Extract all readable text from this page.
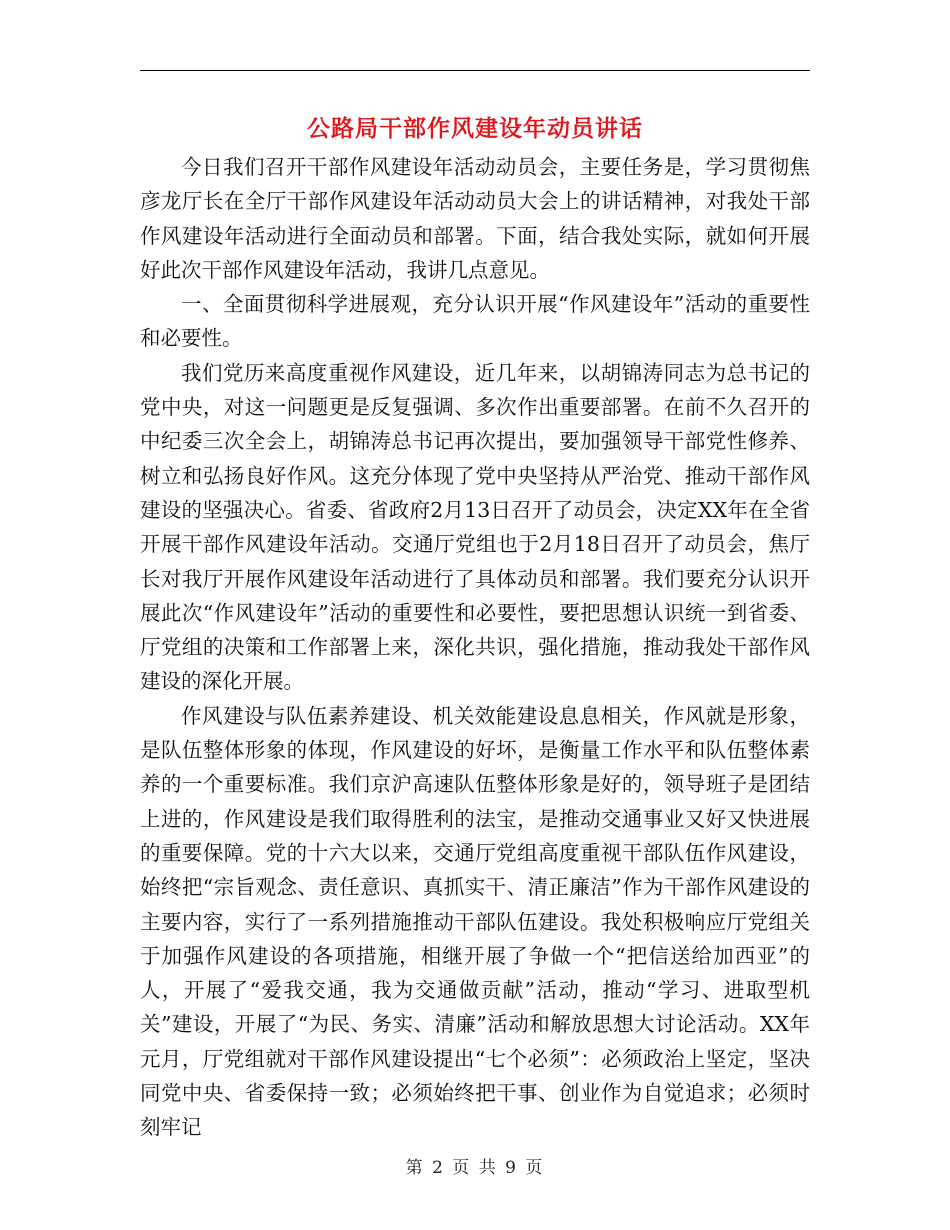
公路局干部作风建设年动员讲话

今日我们召开干部作风建设年活动动员会，主要任务是，学习贯彻焦彦龙厅长在全厅干部作风建设年活动动员大会上的讲话精神，对我处干部作风建设年活动进行全面动员和部署。下面，结合我处实际，就如何开展好此次干部作风建设年活动，我讲几点意见。

一、全面贯彻科学进展观，充分认识开展“作风建设年”活动的重要性和必要性。

我们党历来高度重视作风建设，近几年来，以胡锦涛同志为总书记的党中央，对这一问题更是反复强调、多次作出重要部署。在前不久召开的中纪委三次全会上，胡锦涛总书记再次提出，要加强领导干部党性修养、树立和弘扬良好作风。这充分体现了党中央坚持从严治党、推动干部作风建设的坚强决心。省委、省政府2月13日召开了动员会，决定XX年在全省开展干部作风建设年活动。交通厅党组也于2月18日召开了动员会，焦厅长对我厅开展作风建设年活动进行了具体动员和部署。我们要充分认识开展此次“作风建设年”活动的重要性和必要性，要把思想认识统一到省委、厅党组的决策和工作部署上来，深化共识，强化措施，推动我处干部作风建设的深化开展。

作风建设与队伍素养建设、机关效能建设息息相关，作风就是形象，是队伍整体形象的体现，作风建设的好坏，是衡量工作水平和队伍整体素养的一个重要标准。我们京沪高速队伍整体形象是好的，领导班子是团结上进的，作风建设是我们取得胜利的法宝，是推动交通事业又好又快进展的重要保障。党的十六大以来，交通厅党组高度重视干部队伍作风建设，始终把“宗旨观念、责任意识、真抓实干、清正廉洁”作为干部作风建设的主要内容，实行了一系列措施推动干部队伍建设。我处积极响应厅党组关于加强作风建设的各项措施，相继开展了争做一个“把信送给加西亚”的人，开展了“爱我交通，我为交通做贡献”活动，推动“学习、进取型机关”建设，开展了“为民、务实、清廉”活动和解放思想大讨论活动。XX年元月，厅党组就对干部作风建设提出“七个必须”：必须政治上坚定，坚决同党中央、省委保持一致；必须始终把干事、创业作为自觉追求；必须时刻牢记

第 2 页 共 9 页
